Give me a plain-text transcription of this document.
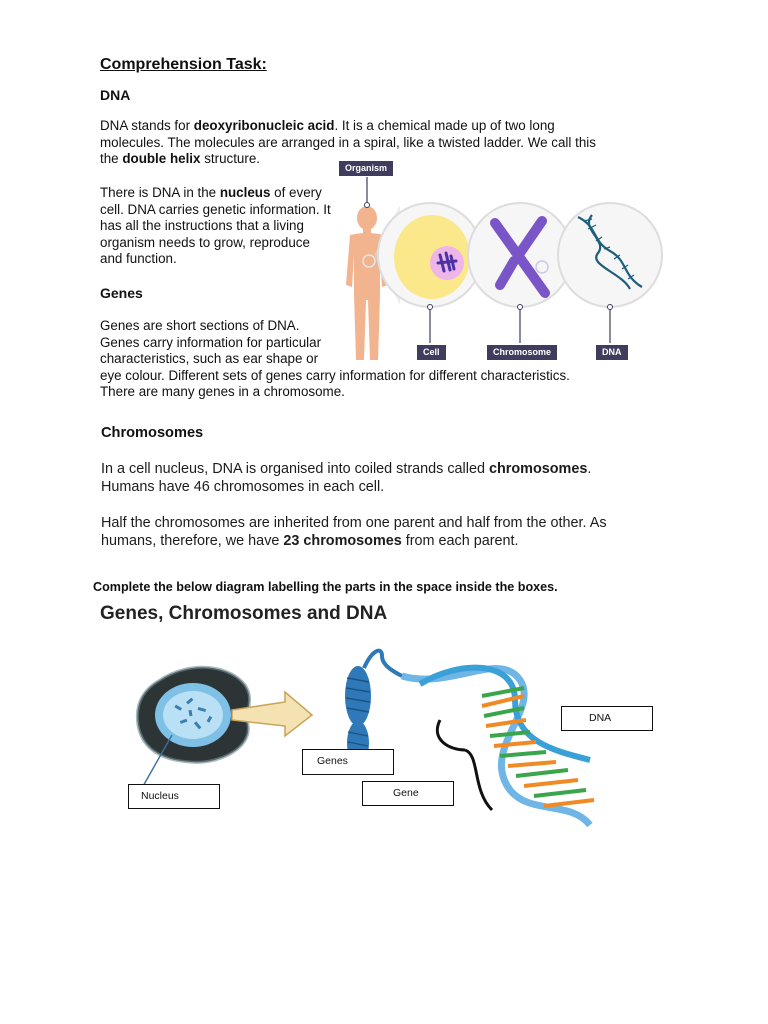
Comprehension Task:
DNA
DNA stands for deoxyribonucleic acid. It is a chemical made up of two long
molecules. The molecules are arranged in a spiral, like a twisted ladder. We call this
the double helix structure.
There is DNA in the nucleus of every
cell. DNA carries genetic information. It
has all the instructions that a living
organism needs to grow, reproduce
and function.
Genes
Genes are short sections of DNA.
Genes carry information for particular
characteristics, such as ear shape or
eye colour. Different sets of genes carry information for different characteristics.
There are many genes in a chromosome.
Organism
Cell	Chromosome	DNA
Chromosomes
In a cell nucleus, DNA is organised into coiled strands called chromosomes.
Humans have 46 chromosomes in each cell.
Half the chromosomes are inherited from one parent and half from the other. As
humans, therefore, we have 23 chromosomes from each parent.
Complete the below diagram labelling the parts in the space inside the boxes.
Genes, Chromosomes and DNA
DNA
Genes
Gene
Nucleus
